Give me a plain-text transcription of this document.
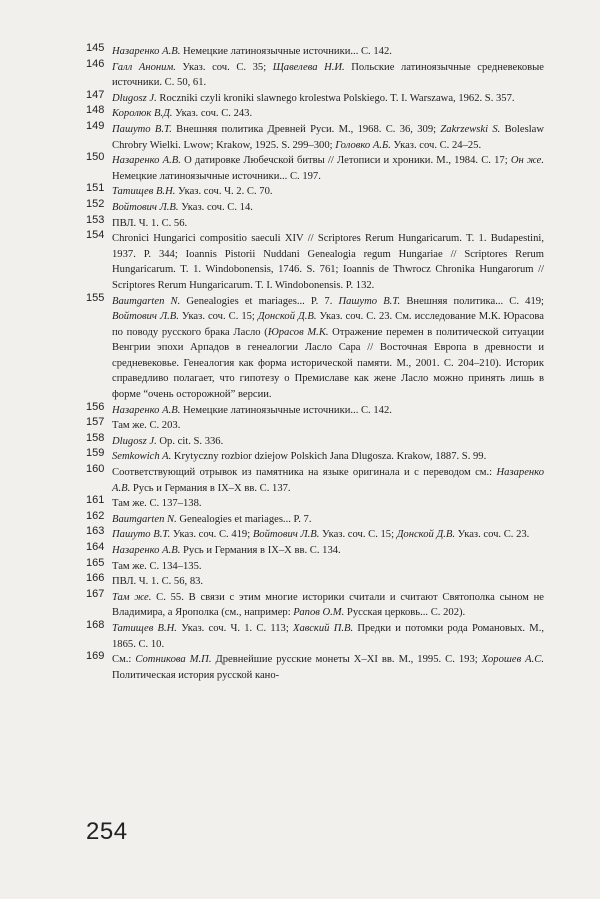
145 Назаренко А.В. Немецкие латиноязычные источники... С. 142.
146 Галл Аноним. Указ. соч. С. 35; Щавелева Н.И. Польские латиноязычные средневековые источники. С. 50, 61.
147 Dlugosz J. Roczniki czyli kroniki slawnego krolestwa Polskiego. T. I. Warszawa, 1962. S. 357.
148 Королюк В.Д. Указ. соч. С. 243.
149 Пашуто В.Т. Внешняя политика Древней Руси. М., 1968. С. 36, 309; Zakrzewski S. Boleslaw Chrobry Wielki. Lwow; Krakow, 1925. S. 299–300; Головко А.Б. Указ. соч. С. 24–25.
150 Назаренко А.В. О датировке Любечской битвы // Летописи и хроники. М., 1984. С. 17; Он же. Немецкие латиноязычные источники... С. 197.
151 Татищев В.Н. Указ. соч. Ч. 2. С. 70.
152 Войтович Л.В. Указ. соч. С. 14.
153 ПВЛ. Ч. 1. С. 56.
154 Chronici Hungarici compositio saeculi XIV // Scriptores Rerum Hungaricarum. T. 1. Budapestini, 1937. P. 344; Ioannis Pistorii Nuddani Genealogia regum Hungariae // Scriptores Rerum Hungaricarum. T. 1. Windobonensis, 1746. S. 761; Ioannis de Thwrocz Chronika Hungarorum // Scriptores Rerum Hungaricarum. T. I. Windobonensis. P. 132.
155 Baumgarten N. Genealogies et mariages... P. 7. Пашуто В.Т. Внешняя политика... С. 419; Войтович Л.В. Указ. соч. С. 15; Донской Д.В. Указ. соч. С. 23. См. исследование М.К. Юрасова по поводу русского брака Ласло (Юрасов М.К. Отражение перемен в политической ситуации Венгрии эпохи Арпадов в генеалогии Ласло Сара // Восточная Европа в древности и средневековье. Генеалогия как форма исторической памяти. М., 2001. С. 204–210). Историк справедливо полагает, что гипотезу о Премиславе как жене Ласло можно принять лишь в форме “очень осторожной” версии.
156 Назаренко А.В. Немецкие латиноязычные источники... С. 142.
157 Там же. С. 203.
158 Dlugosz J. Op. cit. S. 336.
159 Semkowich A. Krytyczny rozbior dziejow Polskich Jana Dlugosza. Krakow, 1887. S. 99.
160 Соответствующий отрывок из памятника на языке оригинала и с переводом см.: Назаренко А.В. Русь и Германия в IX–X вв. С. 137.
161 Там же. С. 137–138.
162 Baumgarten N. Genealogies et mariages... P. 7.
163 Пашуто В.Т. Указ. соч. С. 419; Войтович Л.В. Указ. соч. С. 15; Донской Д.В. Указ. соч. С. 23.
164 Назаренко А.В. Русь и Германия в IX–X вв. С. 134.
165 Там же. С. 134–135.
166 ПВЛ. Ч. 1. С. 56, 83.
167 Там же. С. 55. В связи с этим многие историки считали и считают Святополка сыном не Владимира, а Ярополка (см., например: Рапов О.М. Русская церковь... С. 202).
168 Татищев В.Н. Указ. соч. Ч. 1. С. 113; Хавский П.В. Предки и потомки рода Романовых. М., 1865. С. 10.
169 См.: Сотникова М.П. Древнейшие русские монеты X–XI вв. М., 1995. С. 193; Хорошев А.С. Политическая история русской кано-
254
